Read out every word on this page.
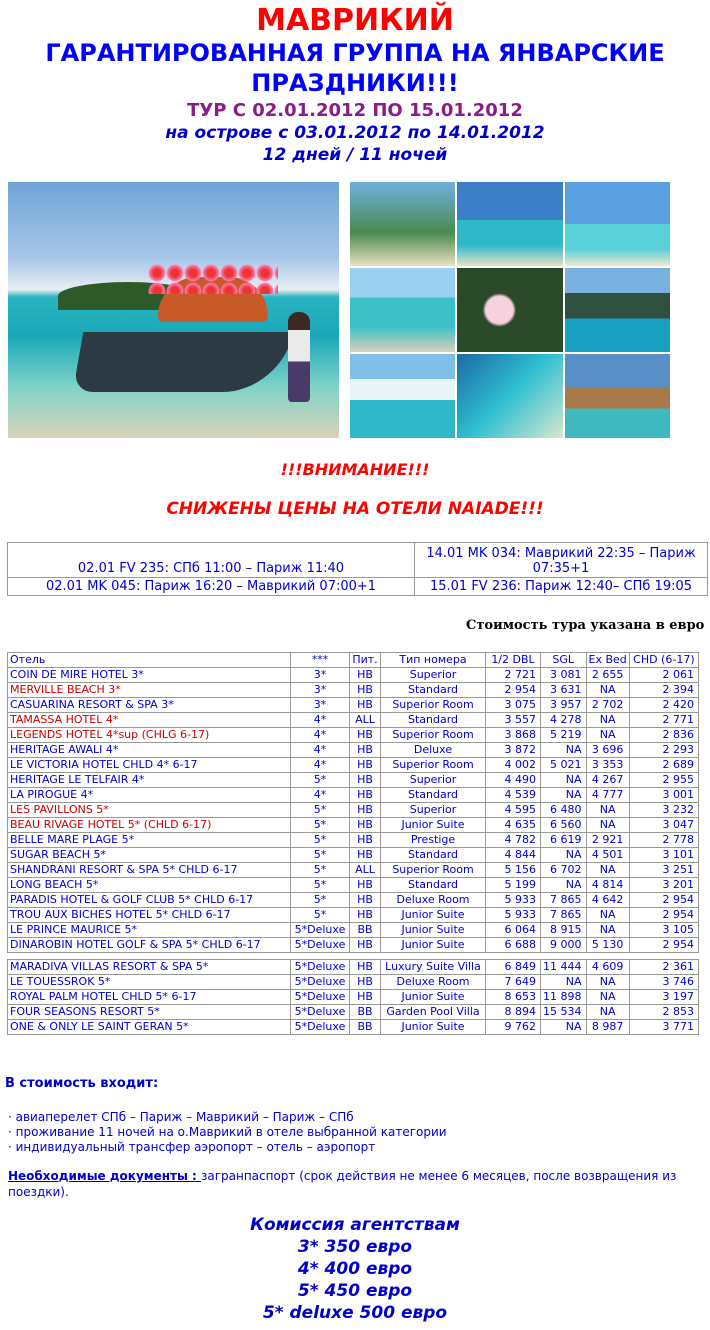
МАВРИКИЙ
ГАРАНТИРОВАННАЯ ГРУППА НА ЯНВАРСКИЕ
ПРАЗДНИКИ!!!
ТУР С 02.01.2012 ПО 15.01.2012
на острове с 03.01.2012 по 14.01.2012
12 дней / 11 ночей
!!!ВНИМАНИЕ!!!
СНИЖЕНЫ ЦЕНЫ НА ОТЕЛИ NAIADE!!!
02.01 FV 235: СПб 11:00 – Париж 11:40	14.01 MK 034: Маврикий 22:35 – Париж 07:35+1
02.01 MK 045: Париж 16:20 – Маврикий 07:00+1	15.01 FV 236: Париж 12:40– СПб 19:05
Стоимость тура указана в евро
Отель	***	Пит.	Тип номера	1/2 DBL	SGL	Ex Bed	CHD (6-17)
COIN DE MIRE HOTEL 3*	3*	HB	Superior	2 721	3 081	2 655	2 061
MERVILLE BEACH 3*	3*	HB	Standard	2 954	3 631	NA	2 394
CASUARINA RESORT & SPA 3*	3*	HB	Superior Room	3 075	3 957	2 702	2 420
TAMASSA HOTEL 4*	4*	ALL	Standard	3 557	4 278	NA	2 771
LEGENDS HOTEL 4*sup (CHLG 6-17)	4*	HB	Superior Room	3 868	5 219	NA	2 836
HERITAGE AWALI 4*	4*	HB	Deluxe	3 872	NA	3 696	2 293
LE VICTORIA HOTEL CHLD 4* 6-17	4*	HB	Superior Room	4 002	5 021	3 353	2 689
HERITAGE LE TELFAIR 4*	5*	HB	Superior	4 490	NA	4 267	2 955
LA PIROGUE 4*	4*	HB	Standard	4 539	NA	4 777	3 001
LES PAVILLONS 5*	5*	HB	Superior	4 595	6 480	NA	3 232
BEAU RIVAGE HOTEL 5* (CHLD 6-17)	5*	HB	Junior Suite	4 635	6 560	NA	3 047
BELLE MARE PLAGE 5*	5*	HB	Prestige	4 782	6 619	2 921	2 778
SUGAR BEACH 5*	5*	HB	Standard	4 844	NA	4 501	3 101
SHANDRANI RESORT & SPA 5* CHLD 6-17	5*	ALL	Superior Room	5 156	6 702	NA	3 251
LONG BEACH 5*	5*	HB	Standard	5 199	NA	4 814	3 201
PARADIS HOTEL & GOLF CLUB 5* CHLD 6-17	5*	HB	Deluxe Room	5 933	7 865	4 642	2 954
TROU AUX BICHES HOTEL 5* CHLD 6-17	5*	HB	Junior Suite	5 933	7 865	NA	2 954
LE PRINCE MAURICE 5*	5*Deluxe	BB	Junior Suite	6 064	8 915	NA	3 105
DINAROBIN HOTEL GOLF & SPA 5* CHLD 6-17	5*Deluxe	HB	Junior Suite	6 688	9 000	5 130	2 954

MARADIVA VILLAS RESORT & SPA 5*	5*Deluxe	HB	Luxury Suite Villa	6 849	11 444	4 609	2 361
LE TOUESSROK 5*	5*Deluxe	HB	Deluxe Room	7 649	NA	NA	3 746
ROYAL PALM HOTEL CHLD 5* 6-17	5*Deluxe	HB	Junior Suite	8 653	11 898	NA	3 197
FOUR SEASONS RESORT 5*	5*Deluxe	BB	Garden Pool Villa	8 894	15 534	NA	2 853
ONE & ONLY LE SAINT GERAN 5*	5*Deluxe	BB	Junior Suite	9 762	NA	8 987	3 771
В стоимость входит:
· авиаперелет СПб – Париж – Маврикий – Париж – СПб
· проживание 11 ночей на о.Маврикий в отеле выбранной категории
· индивидуальный трансфер аэропорт – отель – аэропорт
Необходимые документы : загранпаспорт (срок действия не менее 6 месяцев, после возвращения из поездки).
Комиссия агентствам
3* 350 евро
4* 400 евро
5* 450 евро
5* deluxe 500 евро
